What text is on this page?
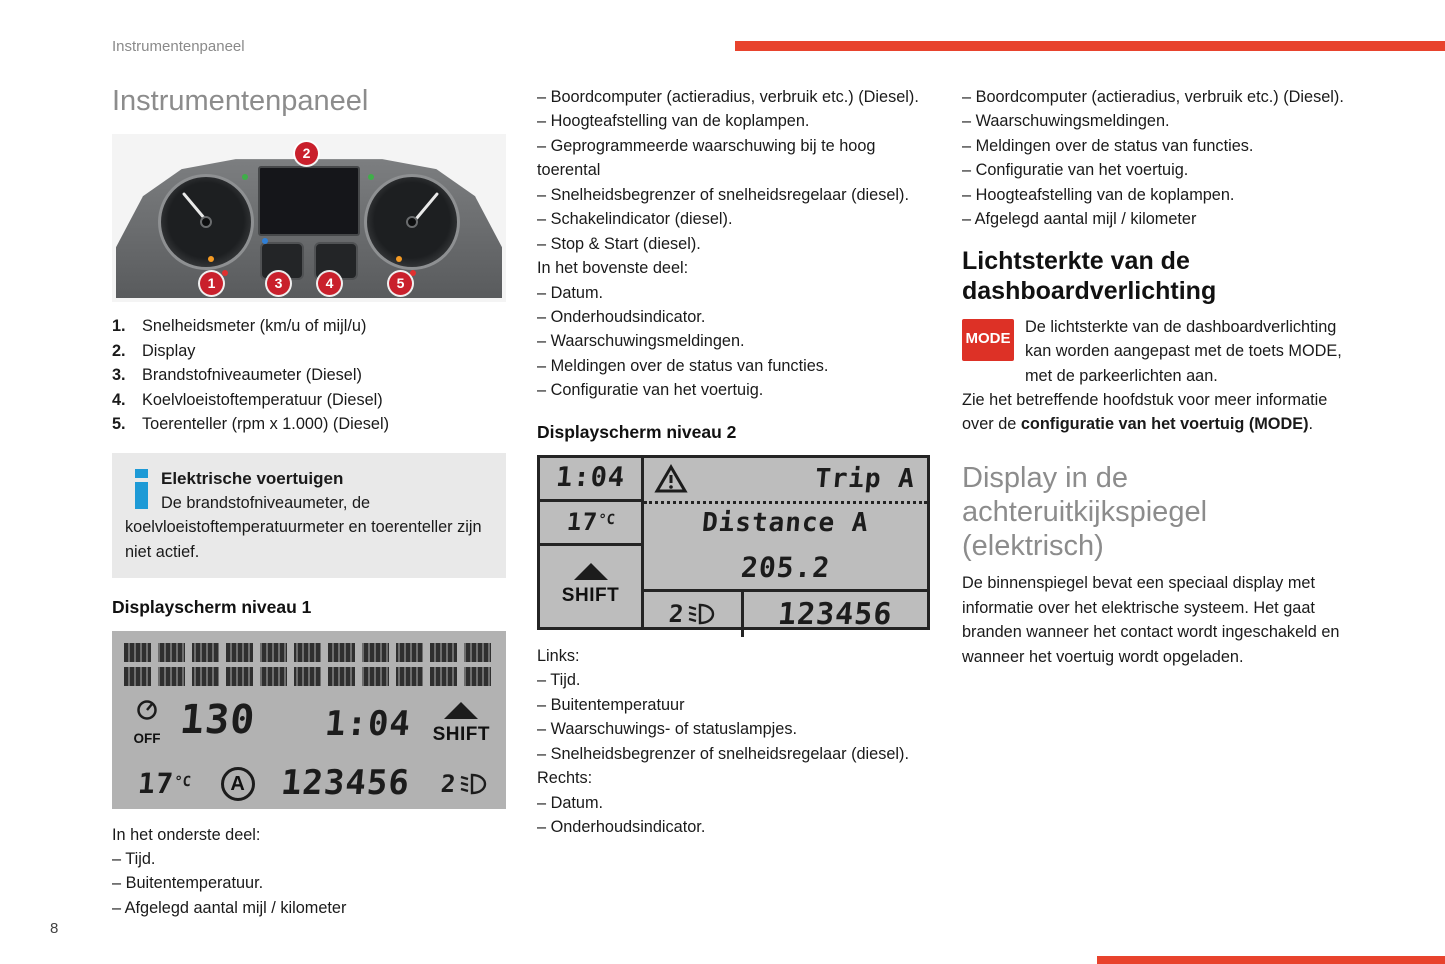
Instrumentenpaneel
Instrumentenpaneel
2
1	3	4	5
1.	Snelheidsmeter (km/u of mijl/u)
2.	Display
3.	Brandstofniveaumeter (Diesel)
4.	Koelvloeistoftemperatuur (Diesel)
5.	Toerenteller (rpm x 1.000) (Diesel)
Elektrische voertuigen
De brandstofniveaumeter, de koelvloeistoftemperatuurmeter en toerenteller zijn niet actief.
Displayscherm niveau 1
OFF 130 1:04 SHIFT
17°C	A 123456 2
In het onderste deel:
– Tijd.
– Buitentemperatuur.
– Afgelegd aantal mijl / kilometer
– Boordcomputer (actieradius, verbruik etc.) (Diesel).
– Hoogteafstelling van de koplampen.
– Geprogrammeerde waarschuwing bij te hoog toerental
– Snelheidsbegrenzer of snelheidsregelaar (diesel).
– Schakelindicator (diesel).
– Stop & Start (diesel).
In het bovenste deel:
– Datum.
– Onderhoudsindicator.
– Waarschuwingsmeldingen.
– Meldingen over de status van functies.
– Configuratie van het voertuig.
Displayscherm niveau 2
1:04
17°C
SHIFT
Trip A
Distance A
205.2
2	123456
Links:
– Tijd.
– Buitentemperatuur
– Waarschuwings- of statuslampjes.
– Snelheidsbegrenzer of snelheidsregelaar (diesel).
Rechts:
– Datum.
– Onderhoudsindicator.
– Boordcomputer (actieradius, verbruik etc.) (Diesel).
– Waarschuwingsmeldingen.
– Meldingen over de status van functies.
– Configuratie van het voertuig.
– Hoogteafstelling van de koplampen.
– Afgelegd aantal mijl / kilometer
Lichtsterkte van de dashboardverlichting
MODE
De lichtsterkte van de dashboardverlichting kan worden aangepast met de toets MODE, met de parkeerlichten aan.
Zie het betreffende hoofdstuk voor meer informatie over de configuratie van het voertuig (MODE).
Display in de achteruitkijkspiegel (elektrisch)
De binnenspiegel bevat een speciaal display met informatie over het elektrische systeem. Het gaat branden wanneer het contact wordt ingeschakeld en wanneer het voertuig wordt opgeladen.
8
